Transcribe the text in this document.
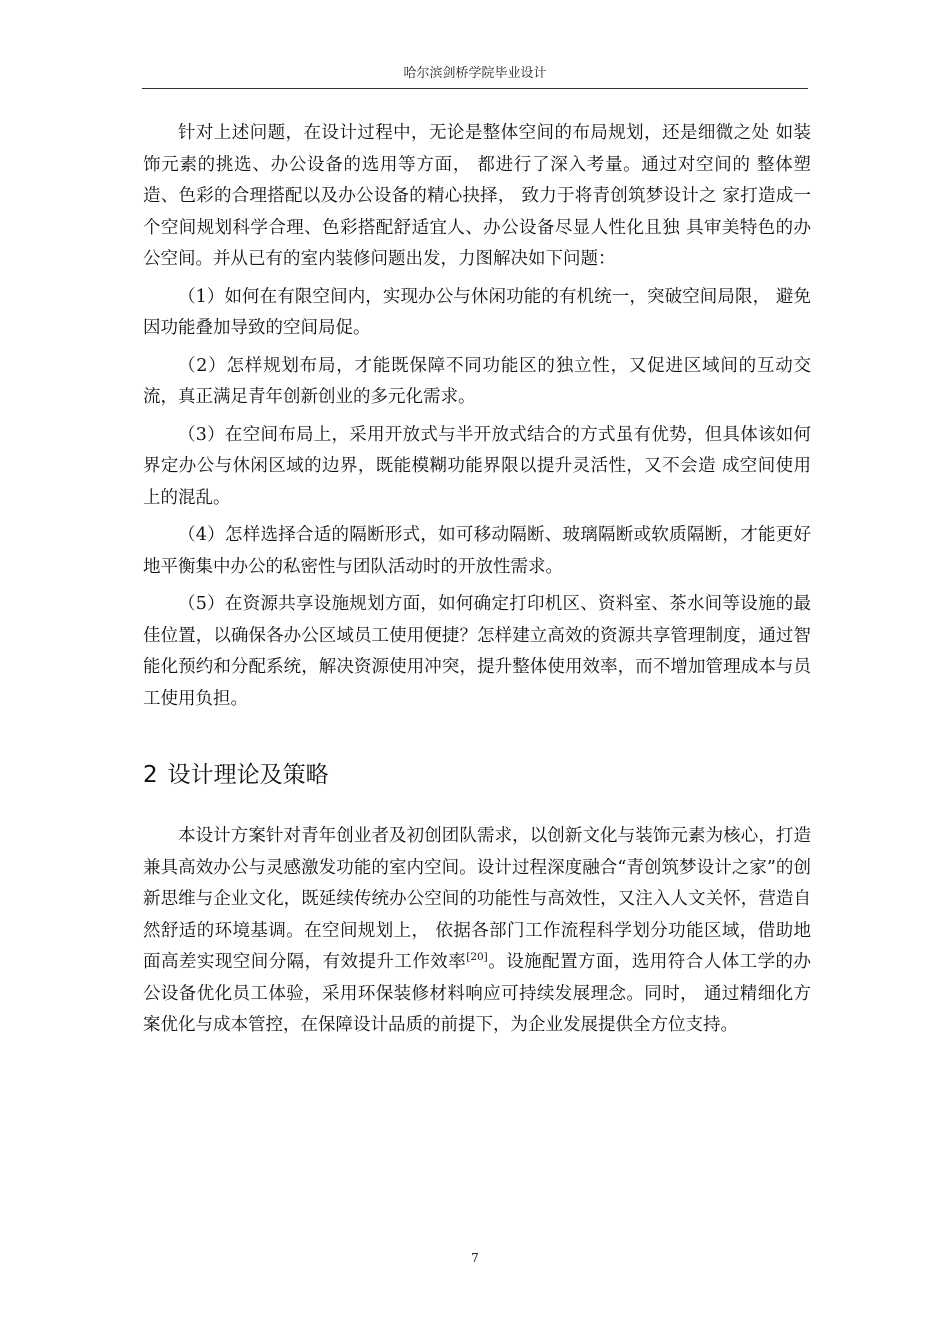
哈尔滨剑桥学院毕业设计

针对上述问题，在设计过程中，无论是整体空间的布局规划，还是细微之处 如装饰元素的挑选、办公设备的选用等方面， 都进行了深入考量。通过对空间的 整体塑造、色彩的合理搭配以及办公设备的精心抉择， 致力于将青创筑梦设计之 家打造成一个空间规划科学合理、色彩搭配舒适宜人、办公设备尽显人性化且独 具审美特色的办公空间。并从已有的室内装修问题出发，力图解决如下问题：

（1）如何在有限空间内，实现办公与休闲功能的有机统一，突破空间局限， 避免因功能叠加导致的空间局促。

（2）怎样规划布局，才能既保障不同功能区的独立性，又促进区域间的互动交流，真正满足青年创新创业的多元化需求。

（3）在空间布局上，采用开放式与半开放式结合的方式虽有优势，但具体该如何界定办公与休闲区域的边界，既能模糊功能界限以提升灵活性，又不会造 成空间使用上的混乱。

（4）怎样选择合适的隔断形式，如可移动隔断、玻璃隔断或软质隔断，才能更好地平衡集中办公的私密性与团队活动时的开放性需求。

（5）在资源共享设施规划方面，如何确定打印机区、资料室、茶水间等设施的最佳位置，以确保各办公区域员工使用便捷？怎样建立高效的资源共享管理制度，通过智能化预约和分配系统，解决资源使用冲突，提升整体使用效率，而不增加管理成本与员工使用负担。

2 设计理论及策略

本设计方案针对青年创业者及初创团队需求，以创新文化与装饰元素为核心，打造兼具高效办公与灵感激发功能的室内空间。设计过程深度融合“青创筑梦设计之家”的创新思维与企业文化，既延续传统办公空间的功能性与高效性，又注入人文关怀，营造自然舒适的环境基调。在空间规划上， 依据各部门工作流程科学划分功能区域，借助地面高差实现空间分隔，有效提升工作效率[20]。设施配置方面，选用符合人体工学的办公设备优化员工体验，采用环保装修材料响应可持续发展理念。同时， 通过精细化方案优化与成本管控，在保障设计品质的前提下，为企业发展提供全方位支持。

7
